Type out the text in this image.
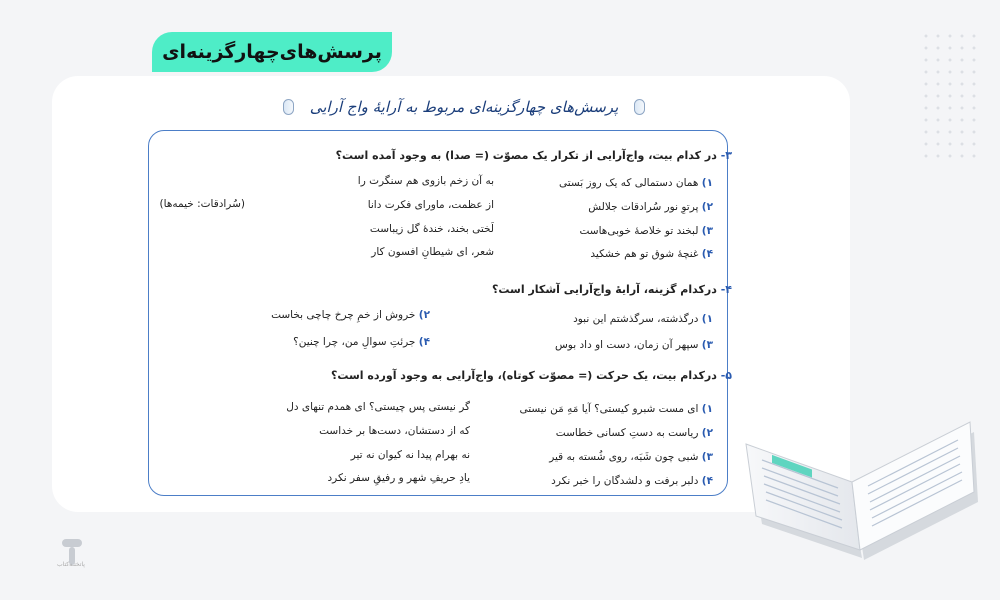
پرسش‌های‌چهارگزینه‌ای
پرسش‌های چهارگزینه‌ای مربوط به آرایۀ واج آرایی
۳- در کدام بیت، واج‌آرایی از تکرار یک مصوّت (= صدا) به وجود آمده است؟
۱) همان دستمالی که یک روز بَستی
به آن زخم بازوی هم سنگرت را
۲) پرتوِ نور سُرادقات جلالش
از عظمت، ماورای فکرت دانا
(سُرادقات: خیمه‌ها)
۳) لبخند تو خلاصۀ خوبی‌هاست
لَختی بخند، خندۀ گل زیباست
۴) غنچۀ شوق تو هم خشکید
شعر، ای شیطانِ افسون کار
۴- درکدام گزینه، آرایۀ واج‌آرایی آشکار است؟
۱) درگذشته، سرگذشتم این نبود
۲) خروش از خمِ چرخ چاچی بخاست
۳) سپهر آن زمان، دست او داد بوس
۴) جرئتِ سوالِ من، چرا چنین؟
۵- درکدام بیت، یک حرکت (= مصوّت کوتاه)، واج‌آرایی به وجود آورده است؟
۱) ای مست شبرو کیستی؟ آیا مَهِ مَن نیستی
گر نیستی پس چیستی؟ ای همدم تنهای دل
۲) ریاست به دستِ کسانی خطاست
که از دستشان، دست‌ها بر خداست
۳) شبی چون شَبَه، روی شُسته به قیر
نه بهرام پیدا نه کیوان نه تیر
۴) دلبر برفت و دلشدگان را خبر نکرد
یادِ حریفِ شهر و رفیقِ سفر نکرد
پاتختـه‌کتاب
